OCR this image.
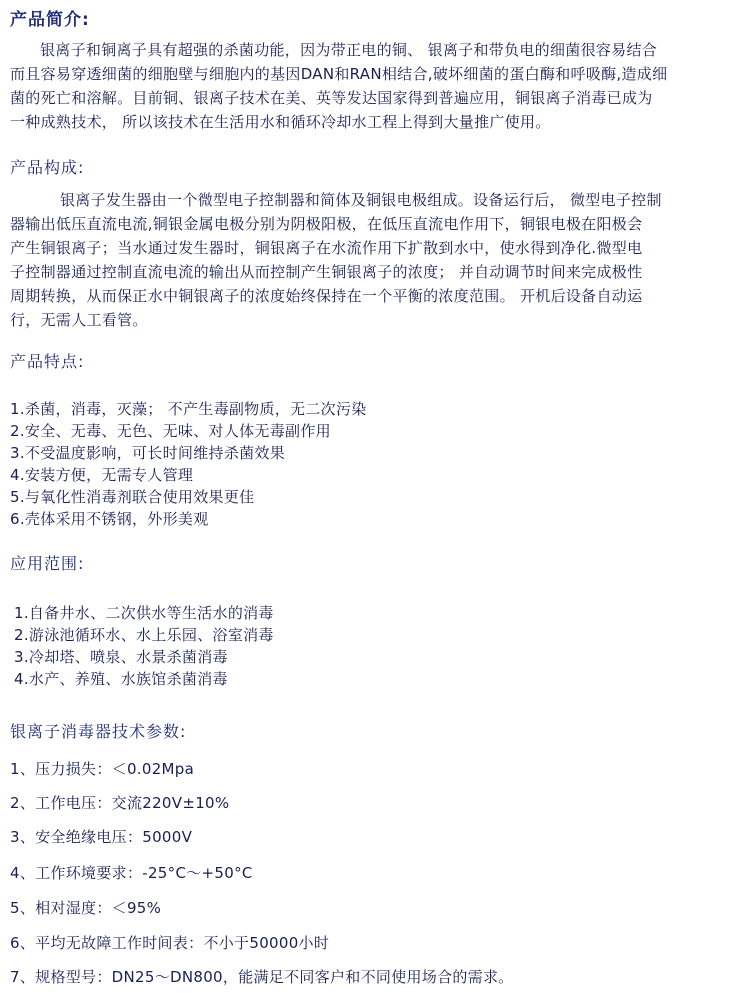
产品简介:
银离子和铜离子具有超强的杀菌功能，因为带正电的铜、 银离子和带负电的细菌很容易结合
而且容易穿透细菌的细胞壁与细胞内的基因DAN和RAN相结合,破坏细菌的蛋白酶和呼吸酶,造成细
菌的死亡和溶解。目前铜、银离子技术在美、英等发达国家得到普遍应用，铜银离子消毒已成为
一种成熟技术， 所以该技术在生活用水和循环冷却水工程上得到大量推广使用。
产品构成:
银离子发生器由一个微型电子控制器和简体及铜银电极组成。设备运行后， 微型电子控制
器输出低压直流电流,铜银金属电极分别为阴极阳极，在低压直流电作用下，铜银电极在阳极会
产生铜银离子；当水通过发生器时，铜银离子在水流作用下扩散到水中，使水得到净化.微型电
子控制器通过控制直流电流的输出从而控制产生铜银离子的浓度； 并自动调节时间来完成极性
周期转换，从而保正水中铜银离子的浓度始终保持在一个平衡的浓度范围。 开机后设备自动运
行，无需人工看管。
产品特点:
1.杀菌，消毒，灭藻； 不产生毒副物质，无二次污染
2.安全、无毒、无色、无味、对人体无毒副作用
3.不受温度影响，可长时间维持杀菌效果
4.安装方便，无需专人管理
5.与氧化性消毒剂联合使用效果更佳
6.壳体采用不锈钢，外形美观
应用范围:
1.自备井水、二次供水等生活水的消毒
2.游泳池循环水、水上乐园、浴室消毒
3.冷却塔、喷泉、水景杀菌消毒
4.水产、养殖、水族馆杀菌消毒
银离子消毒器技术参数:
1、压力损失：＜0.02Mpa
2、工作电压：交流220V±10%
3、安全绝缘电压：5000V
4、工作环境要求：-25°C～+50°C
5、相对湿度：＜95%
6、平均无故障工作时间表：不小于50000小时
7、规格型号：DN25～DN800，能满足不同客户和不同使用场合的需求。
